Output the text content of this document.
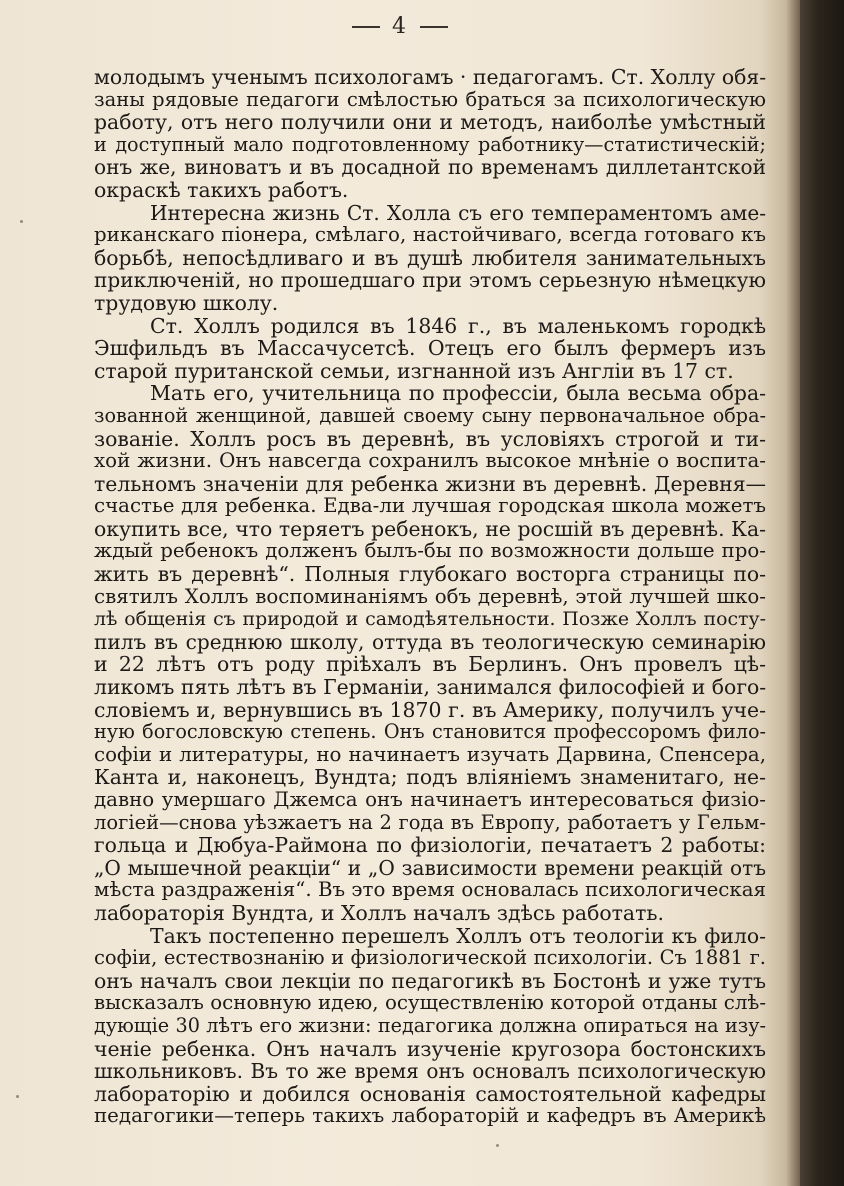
4
молодымъ ученымъ психологамъ · педагогамъ. Ст. Холлу обя-
заны рядовые педагоги смѣлостью браться за психологическую
работу, отъ него получили они и методъ, наиболѣе умѣстный
и доступный мало подготовленному работнику—статистическій;
онъ же, виноватъ и въ досадной по временамъ диллетантской
окраскѣ такихъ работъ.
Интересна жизнь Ст. Холла съ его темпераментомъ аме-
риканскаго піонера, смѣлаго, настойчиваго, всегда готоваго къ
борьбѣ, непосѣдливаго и въ душѣ любителя занимательныхъ
приключеній, но прошедшаго при этомъ серьезную нѣмецкую
трудовую школу.
Ст. Холлъ родился въ 1846 г., въ маленькомъ городкѣ
Эшфильдъ въ Массачусетсѣ. Отецъ его былъ фермеръ изъ
старой пуританской семьи, изгнанной изъ Англіи въ 17 ст.
Мать его, учительница по профессіи, была весьма обра-
зованной женщиной, давшей своему сыну первоначальное обра-
зованіе. Холлъ росъ въ деревнѣ, въ условіяхъ строгой и ти-
хой жизни. Онъ навсегда сохранилъ высокое мнѣніе о воспита-
тельномъ значеніи для ребенка жизни въ деревнѣ. Деревня—
счастье для ребенка. Едва-ли лучшая городская школа можетъ
окупить все, что теряетъ ребенокъ, не росшій въ деревнѣ. Ка-
ждый ребенокъ долженъ былъ-бы по возможности дольше про-
жить въ деревнѣ“. Полныя глубокаго восторга страницы по-
святилъ Холлъ воспоминаніямъ объ деревнѣ, этой лучшей шко-
лѣ общенія съ природой и самодѣятельности. Позже Холлъ посту-
пилъ въ среднюю школу, оттуда въ теологическую семинарію
и 22 лѣтъ отъ роду пріѣхалъ въ Берлинъ. Онъ провелъ цѣ-
ликомъ пять лѣтъ въ Германіи, занимался философіей и бого-
словіемъ и, вернувшись въ 1870 г. въ Америку, получилъ уче-
ную богословскую степень. Онъ становится профессоромъ фило-
софіи и литературы, но начинаетъ изучать Дарвина, Спенсера,
Канта и, наконецъ, Вундта; подъ вліяніемъ знаменитаго, не-
давно умершаго Джемса онъ начинаетъ интересоваться физіо-
логіей—снова уѣзжаетъ на 2 года въ Европу, работаетъ у Гельм-
гольца и Дюбуа-Раймона по физіологіи, печатаетъ 2 работы:
„О мышечной реакціи“ и „О зависимости времени реакцій отъ
мѣста раздраженія“. Въ это время основалась психологическая
лабораторія Вундта, и Холлъ началъ здѣсь работать.
Такъ постепенно перешелъ Холлъ отъ теологіи къ фило-
софіи, естествознанію и физіологической психологіи. Съ 1881 г.
онъ началъ свои лекціи по педагогикѣ въ Бостонѣ и уже тутъ
высказалъ основную идею, осуществленію которой отданы слѣ-
дующіе 30 лѣтъ его жизни: педагогика должна опираться на изу-
ченіе ребенка. Онъ началъ изученіе кругозора бостонскихъ
школьниковъ. Въ то же время онъ основалъ психологическую
лабораторію и добился основанія самостоятельной кафедры
педагогики—теперь такихъ лабораторій и кафедръ въ Америкѣ
